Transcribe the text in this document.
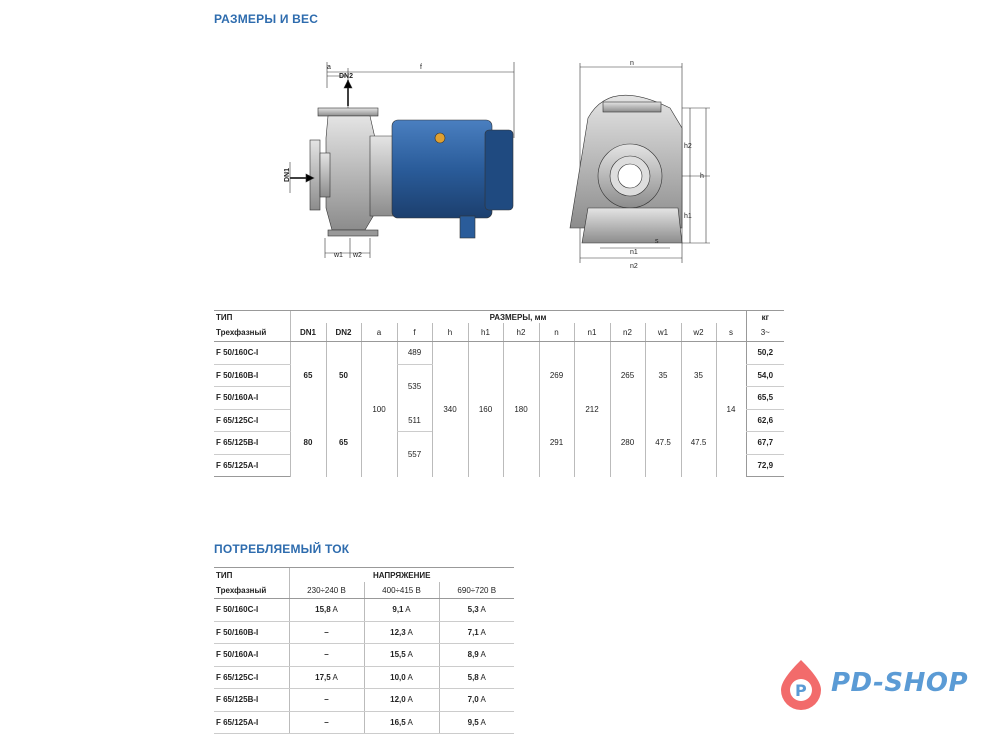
РАЗМЕРЫ И ВЕС
a	f
DN2
DN1
w1 w2
n
n1
n2
s
h
h2
h1
ТИП	РАЗМЕРЫ, мм													кг
Трехфазный	DN1	DN2	a	f	h	h1	h2	n	n1	n2	w1	w2	s	3~
F 50/160C-I	65	50	100	489	340	160	180	269	212	265	35	35	14	50,2
F 50/160B-I				535										54,0
F 50/160A-I														65,5
F 65/125C-I	80	65		511				291		280	47.5	47.5		62,6
F 65/125B-I				557										67,7
F 65/125A-I														72,9
ПОТРЕБЛЯЕМЫЙ ТОК
ТИП	НАПРЯЖЕНИЕ		
Трехфазный	230÷240 В	400÷415 В	690÷720 В
F 50/160C-I	15,8 A	9,1 A	5,3 A
F 50/160B-I	–	12,3 A	7,1 A
F 50/160A-I	–	15,5 A	8,9 A
F 65/125C-I	17,5 A	10,0 A	5,8 A
F 65/125B-I	–	12,0 A	7,0 A
F 65/125A-I	–	16,5 A	9,5 A
P PD-SHOP
